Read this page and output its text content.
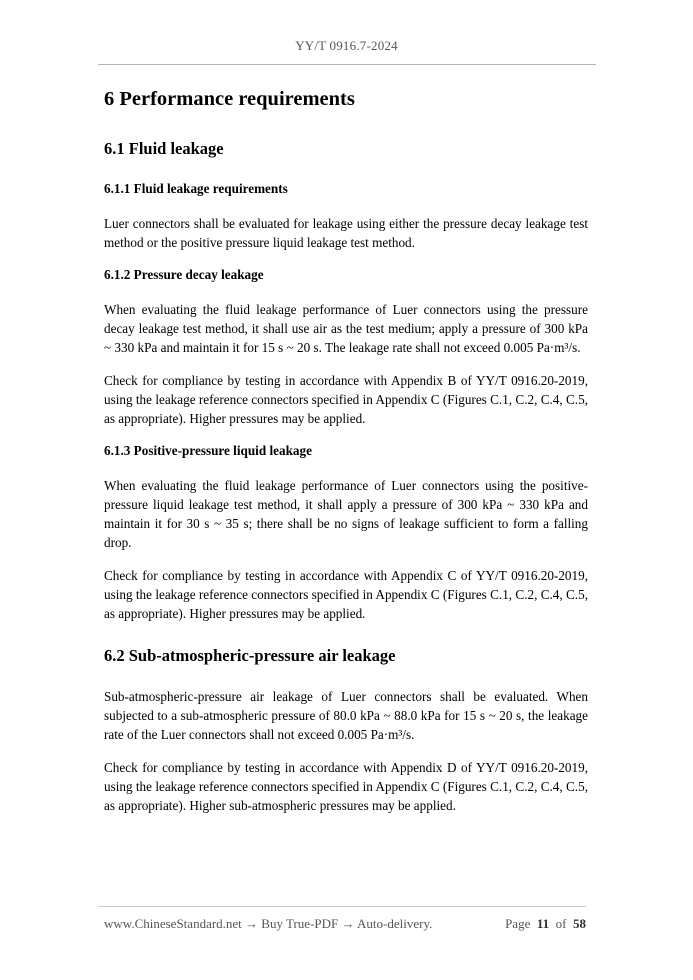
YY/T 0916.7-2024
6 Performance requirements
6.1 Fluid leakage
6.1.1 Fluid leakage requirements

Luer connectors shall be evaluated for leakage using either the pressure decay leakage test method or the positive pressure liquid leakage test method.

6.1.2 Pressure decay leakage

When evaluating the fluid leakage performance of Luer connectors using the pressure decay leakage test method, it shall use air as the test medium; apply a pressure of 300 kPa ~ 330 kPa and maintain it for 15 s ~ 20 s. The leakage rate shall not exceed 0.005 Pa·m³/s.

Check for compliance by testing in accordance with Appendix B of YY/T 0916.20-2019, using the leakage reference connectors specified in Appendix C (Figures C.1, C.2, C.4, C.5, as appropriate). Higher pressures may be applied.

6.1.3 Positive-pressure liquid leakage

When evaluating the fluid leakage performance of Luer connectors using the positive-pressure liquid leakage test method, it shall apply a pressure of 300 kPa ~ 330 kPa and maintain it for 30 s ~ 35 s; there shall be no signs of leakage sufficient to form a falling drop.

Check for compliance by testing in accordance with Appendix C of YY/T 0916.20-2019, using the leakage reference connectors specified in Appendix C (Figures C.1, C.2, C.4, C.5, as appropriate). Higher pressures may be applied.

6.2 Sub-atmospheric-pressure air leakage

Sub-atmospheric-pressure air leakage of Luer connectors shall be evaluated. When subjected to a sub-atmospheric pressure of 80.0 kPa ~ 88.0 kPa for 15 s ~ 20 s, the leakage rate of the Luer connectors shall not exceed 0.005 Pa·m³/s.

Check for compliance by testing in accordance with Appendix D of YY/T 0916.20-2019, using the leakage reference connectors specified in Appendix C (Figures C.1, C.2, C.4, C.5, as appropriate). Higher sub-atmospheric pressures may be applied.

www.ChineseStandard.net → Buy True-PDF → Auto-delivery.	Page 11 of 58
